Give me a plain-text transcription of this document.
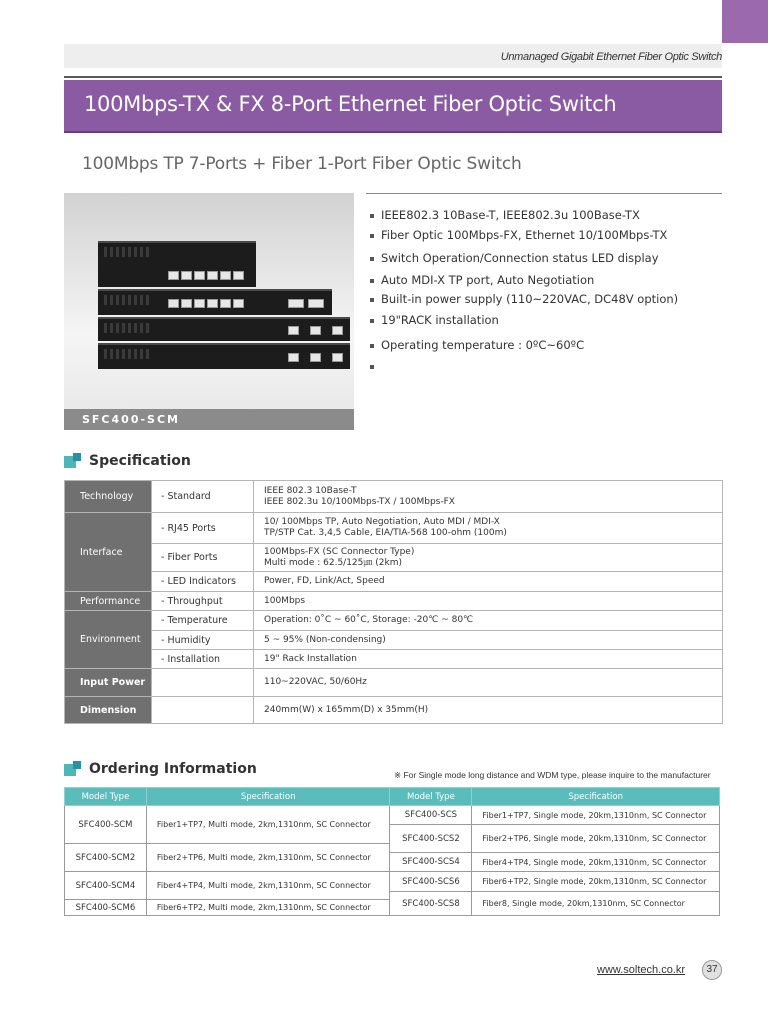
Unmanaged Gigabit Ethernet Fiber Optic Switch
100Mbps-TX & FX 8-Port Ethernet Fiber Optic Switch
100Mbps TP 7-Ports + Fiber 1-Port Fiber Optic Switch
SFC400-SCM
IEEE802.3 10Base-T, IEEE802.3u 100Base-TX
Fiber Optic 100Mbps-FX, Ethernet 10/100Mbps-TX
Switch Operation/Connection status LED display
Auto MDI-X TP port, Auto Negotiation
Built-in power supply (110~220VAC, DC48V option)
19"RACK installation
Operating temperature : 0ºC~60ºC
Specification
Technology	- Standard	IEEE 802.3 10Base-T
IEEE 802.3u 10/100Mbps-TX / 100Mbps-FX

Interface	- RJ45 Ports	10/ 100Mbps TP, Auto Negotiation, Auto MDI / MDI-X
TP/STP Cat. 3,4,5 Cable, EIA/TIA-568 100-ohm (100m)

	- Fiber Ports	100Mbps-FX (SC Connector Type)
Multi mode : 62.5/125㎛ (2km)

	- LED Indicators	Power, FD, Link/Act, Speed
Performance	- Throughput	100Mbps
Environment	- Temperature	Operation: 0˚C ~ 60˚C, Storage: -20℃ ~ 80℃
	- Humidity	5 ~ 95% (Non-condensing)
	- Installation	19" Rack Installation
Input Power		110~220VAC, 50/60Hz
Dimension		240mm(W) x 165mm(D) x 35mm(H)
Ordering Information	※ For Single mode long distance and WDM type, please inquire to the manufacturer
Model Type	Specification	Model Type	Specification
SFC400-SCM	Fiber1+TP7, Multi mode, 2km,1310nm, SC Connector	SFC400-SCS	Fiber1+TP7, Single mode, 20km,1310nm, SC Connector
		SFC400-SCS2	Fiber2+TP6, Single mode, 20km,1310nm, SC Connector
SFC400-SCM2	Fiber2+TP6, Multi mode, 2km,1310nm, SC Connector		
		SFC400-SCS4	Fiber4+TP4, Single mode, 20km,1310nm, SC Connector

SFC400-SCM4	Fiber4+TP4, Multi mode, 2km,1310nm, SC Connector	SFC400-SCS6	Fiber6+TP2, Single mode, 20km,1310nm, SC Connector
		SFC400-SCS8	Fiber8, Single mode, 20km,1310nm, SC Connector
SFC400-SCM6	Fiber6+TP2, Multi mode, 2km,1310nm, SC Connector		
www.soltech.co.kr	37
